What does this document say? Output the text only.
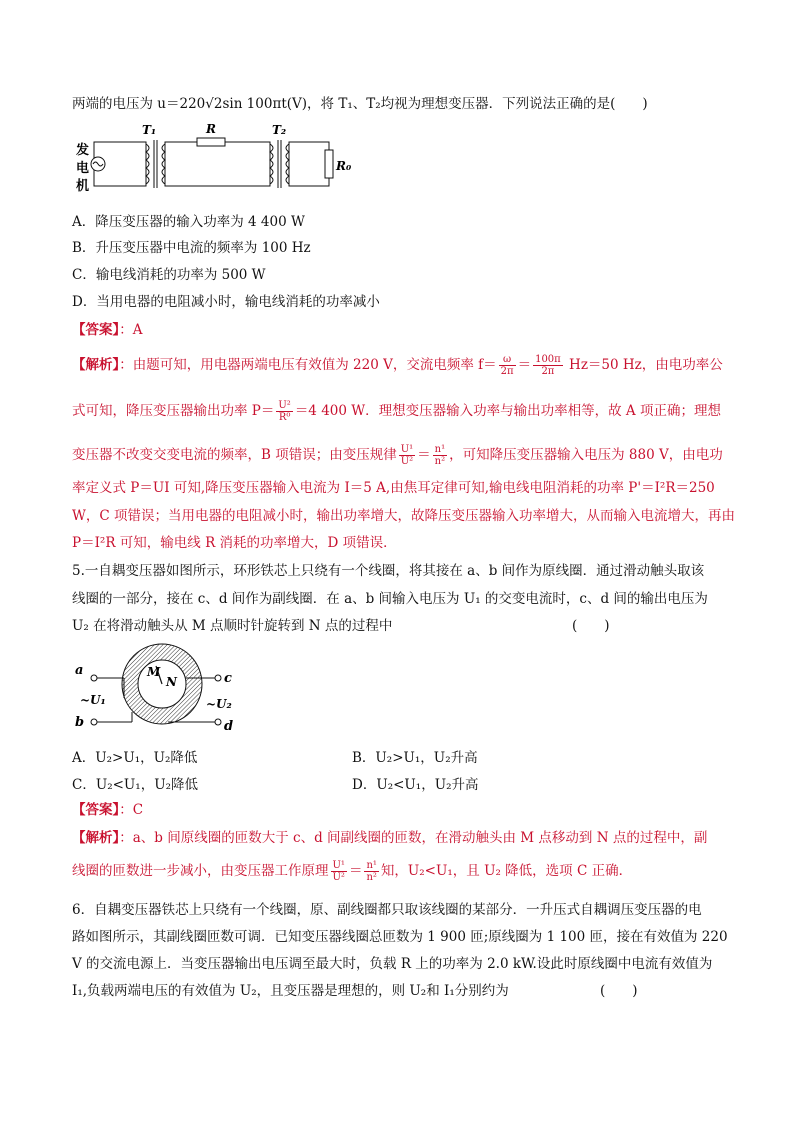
两端的电压为 u＝220√2sin 100πt(V)，将 T₁、T₂均视为理想变压器．下列说法正确的是(　　)
发
电
机
T₁	R	T₂
R₀
A．降压变压器的输入功率为 4 400 W
B．升压变压器中电流的频率为 100 Hz
C．输电线消耗的功率为 500 W
D．当用电器的电阻减小时，输电线消耗的功率减小
【答案】：A
【解析】：由题可知，用电器两端电压有效值为 220 V，交流电频率 $f= \frac{\omega}{2\pi} = \frac{100\pi}{2\pi} Hz=50$ Hz，由电功率公
式可知，降压变压器输出功率 $P= \frac{\text{U²}}{\text{R⁰}} =4$ 400 W．理想变压器输入功率与输出功率相等，故 A 项正确；理想
变压器不改变交变电流的频率，B 项错误；由变压规律 $\frac{\text{U¹}}{\text{U²}} = \frac{\text{n¹}}{\text{n²}}$ ，可知降压变压器输入电压为 880 V，由电功
率定义式 P＝UI 可知,降压变压器输入电流为 I＝5 A,由焦耳定律可知,输电线电阻消耗的功率 P'＝I²R＝250
W，C 项错误；当用电器的电阻减小时，输出功率增大，故降压变压器输入功率增大，从而输入电流增大，再由
P＝I²R 可知，输电线 R 消耗的功率增大，D 项错误．
5.一自耦变压器如图所示，环形铁芯上只绕有一个线圈，将其接在 a、b 间作为原线圈．通过滑动触头取该
线圈的一部分，接在 c、d 间作为副线圈．在 a、b 间输入电压为 U₁ 的交变电流时，c、d 间的输出电压为
U₂ 在将滑动触头从 M 点顺时针旋转到 N 点的过程中	(　　)
a
b
~U₁
c
d
~U₂
M
N
A．U₂>U₁，U₂降低	B．U₂>U₁，U₂升高
C．U₂<U₁，U₂降低	D．U₂<U₁，U₂升高
【答案】：C
【解析】：a、b 间原线圈的匝数大于 c、d 间副线圈的匝数，在滑动触头由 M 点移动到 N 点的过程中，副
线圈的匝数进一步减小，由变压器工作原理 $\frac{\text{U¹}}{\text{U²}} = \frac{\text{n¹}}{\text{n²}}$ 知，U₂<U₁，且 U₂ 降低，选项 C 正确．
6．自耦变压器铁芯上只绕有一个线圈，原、副线圈都只取该线圈的某部分．一升压式自耦调压变压器的电
路如图所示，其副线圈匝数可调．已知变压器线圈总匝数为 1 900 匝;原线圈为 1 100 匝，接在有效值为 220
V 的交流电源上．当变压器输出电压调至最大时，负载 R 上的功率为 2.0 kW.设此时原线圈中电流有效值为
I₁,负载两端电压的有效值为 U₂，且变压器是理想的，则 U₂和 I₁分别约为	(　　)
